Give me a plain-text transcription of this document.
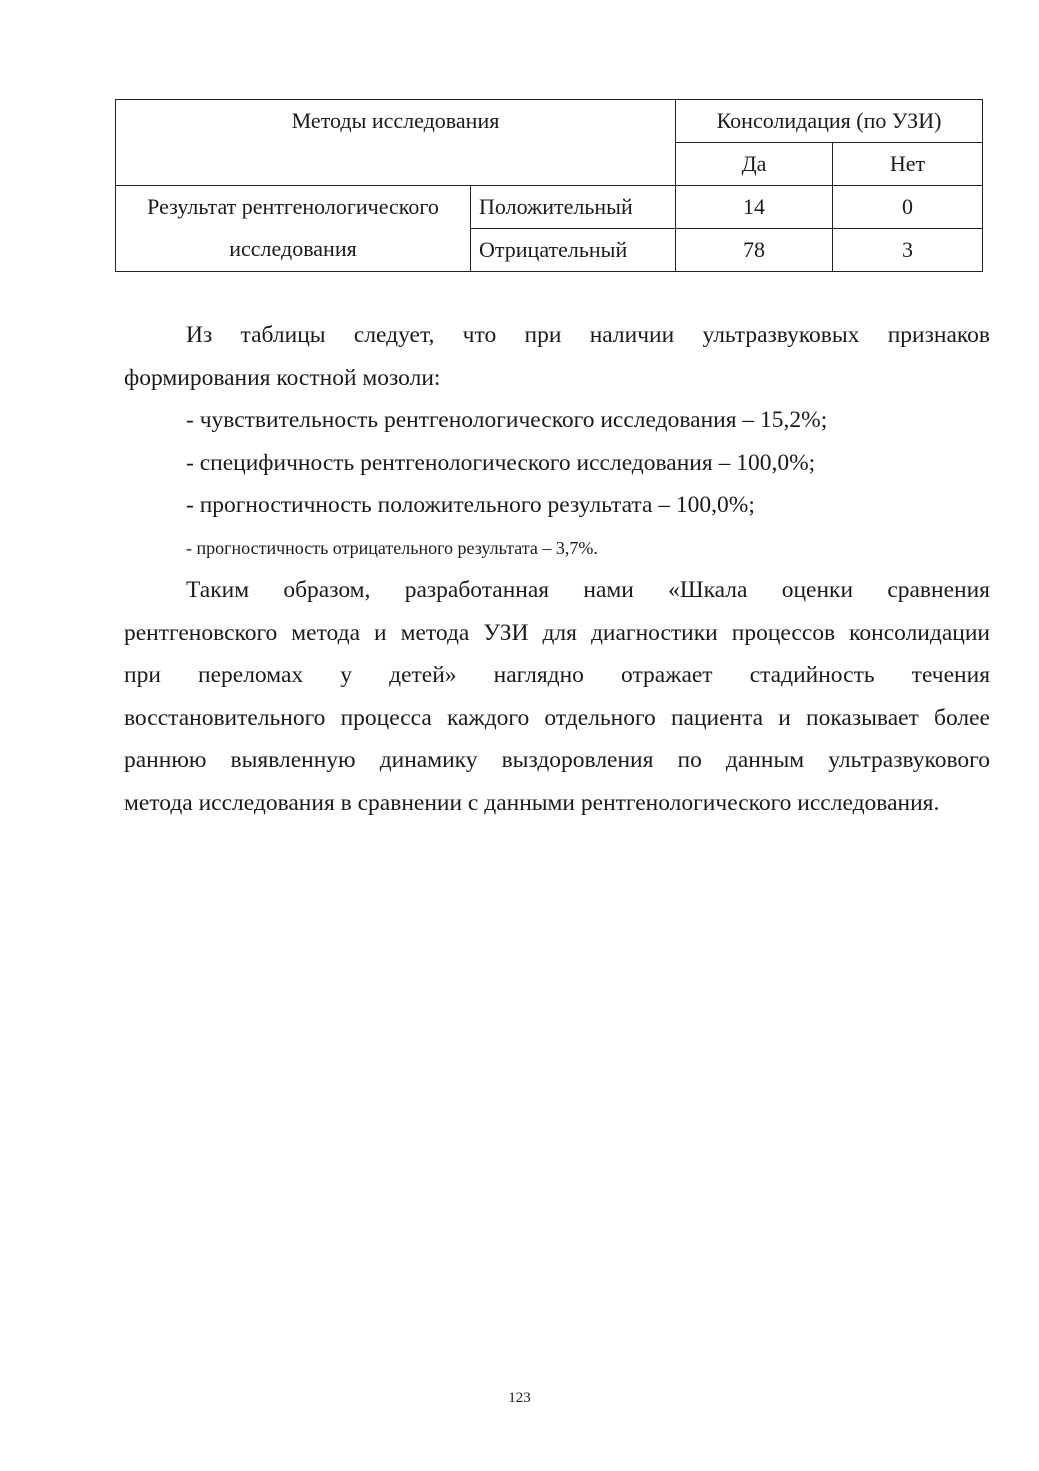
Методы исследования		Консолидация (по УЗИ)	
		Да	Нет

Результат рентгенологического
исследования	Положительный	14	0
	Отрицательный	78	3

Из таблицы следует, что при наличии ультразвуковых признаков

формирования костной мозоли:

- чувствительность рентгенологического исследования – 15,2%;

- специфичность рентгенологического исследования – 100,0%;

- прогностичность положительного результата – 100,0%;

- прогностичность отрицательного результата – 3,7%.

Таким образом, разработанная нами «Шкала оценки сравнения

рентгеновского метода и метода УЗИ для диагностики процессов консолидации

при переломах у детей» наглядно отражает стадийность течения

восстановительного процесса каждого отдельного пациента и показывает более

раннюю выявленную динамику выздоровления по данным ультразвукового

метода исследования в сравнении с данными рентгенологического исследования.

123
